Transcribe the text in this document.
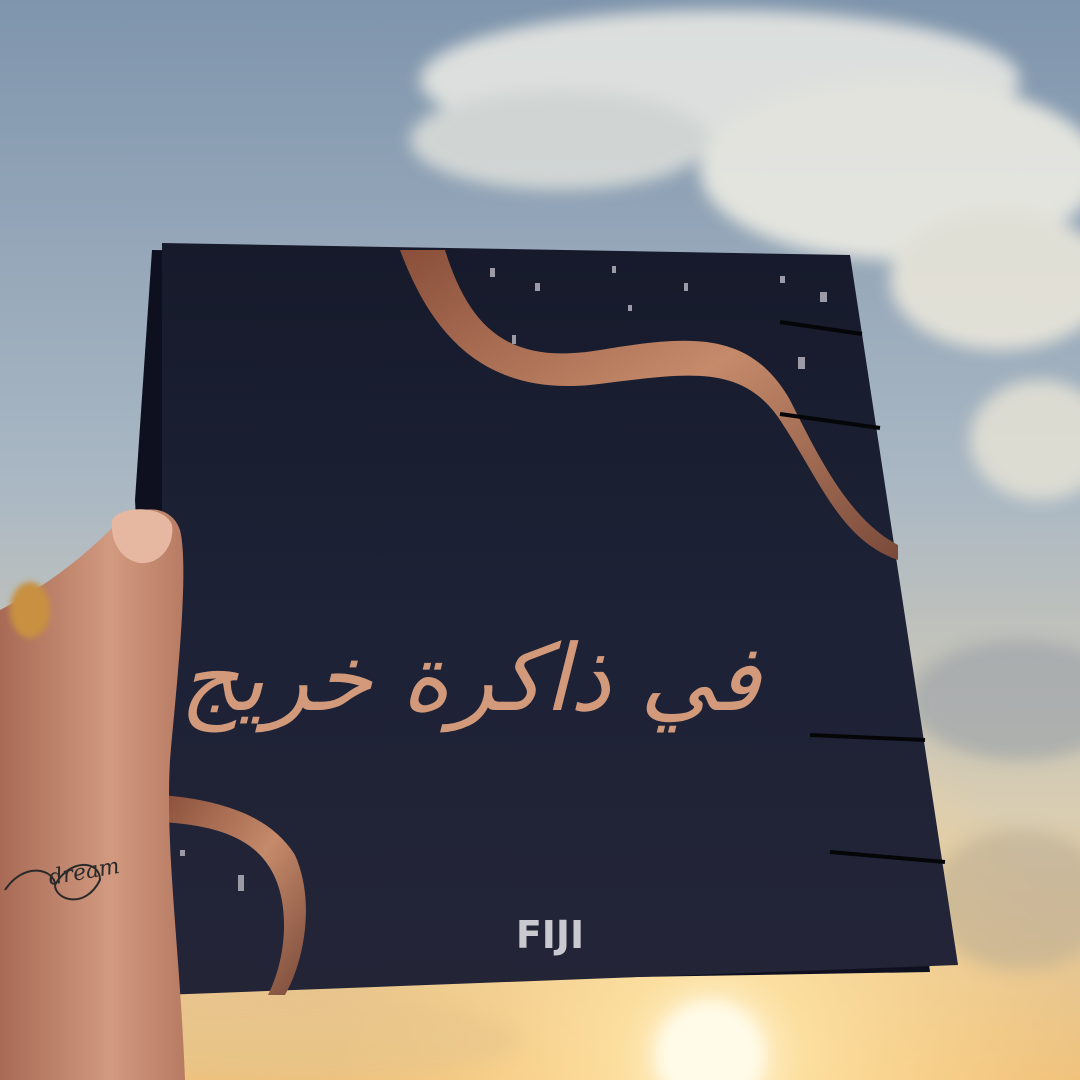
في ذاكرة خريج
FIJI
dream
